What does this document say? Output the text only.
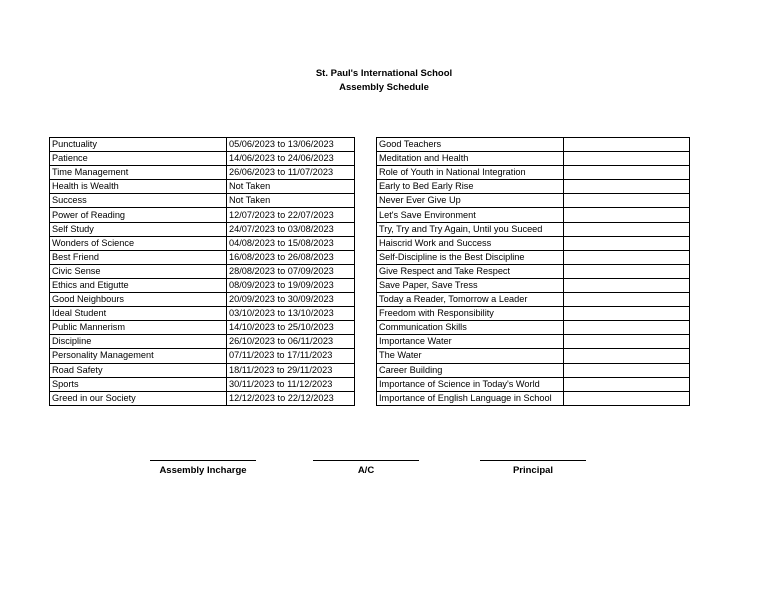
St. Paul's International School
Assembly Schedule
Punctuality	05/06/2023 to 13/06/2023
Patience	14/06/2023 to 24/06/2023
Time Management	26/06/2023 to 11/07/2023
Health is Wealth	Not Taken
Success	Not Taken
Power of Reading	12/07/2023 to 22/07/2023
Self Study	24/07/2023 to 03/08/2023
Wonders of Science	04/08/2023 to 15/08/2023
Best Friend	16/08/2023 to 26/08/2023
Civic Sense	28/08/2023 to 07/09/2023
Ethics and Etigutte	08/09/2023 to 19/09/2023
Good Neighbours	20/09/2023 to 30/09/2023
Ideal Student	03/10/2023 to 13/10/2023
Public Mannerism	14/10/2023 to 25/10/2023
Discipline	26/10/2023 to 06/11/2023
Personality Management	07/11/2023 to 17/11/2023
Road Safety	18/11/2023 to 29/11/2023
Sports	30/11/2023 to 11/12/2023
Greed in our Society	12/12/2023 to 22/12/2023
Good Teachers	
Meditation and Health	
Role of Youth in National Integration	
Early to Bed Early Rise	
Never Ever Give Up	
Let's Save Environment	
Try, Try and Try Again, Until you Suceed	
Haiscrid Work and Success	
Self-Discipline is the Best Discipline	
Give Respect and Take Respect	
Save Paper, Save Tress	
Today a Reader, Tomorrow a Leader	
Freedom with Responsibility	
Communication Skills	
Importance Water	
The Water	
Career Building	
Importance of Science in Today's World	
Importance of English Language in School	
Assembly Incharge	A/C	Principal
